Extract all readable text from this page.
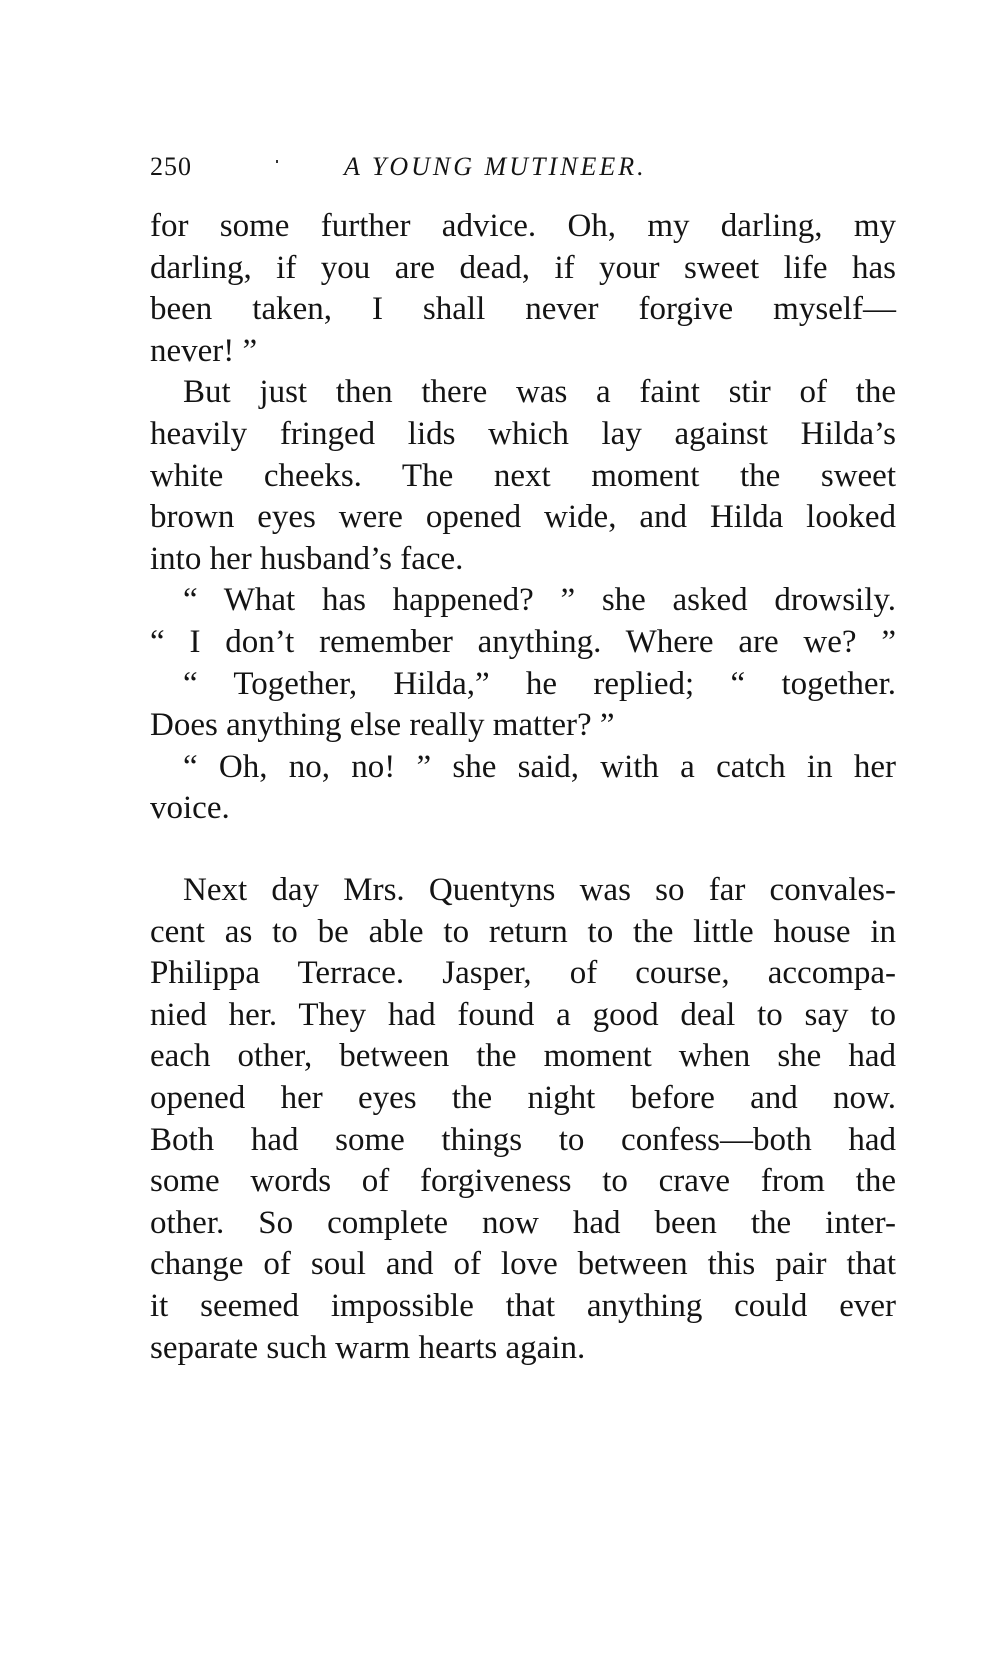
250	A YOUNG MUTINEER.
for some further advice. Oh, my darling, my
darling, if you are dead, if your sweet life has
been taken, I shall never forgive myself—
never! ”
But just then there was a faint stir of the
heavily fringed lids which lay against Hilda’s
white cheeks. The next moment the sweet
brown eyes were opened wide, and Hilda looked
into her husband’s face.
“ What has happened? ” she asked drowsily.
“ I don’t remember anything. Where are we? ”
“ Together, Hilda,” he replied; “ together.
Does anything else really matter? ”
“ Oh, no, no! ” she said, with a catch in her
voice.
Next day Mrs. Quentyns was so far convales-
cent as to be able to return to the little house in
Philippa Terrace. Jasper, of course, accompa-
nied her. They had found a good deal to say to
each other, between the moment when she had
opened her eyes the night before and now.
Both had some things to confess—both had
some words of forgiveness to crave from the
other. So complete now had been the inter-
change of soul and of love between this pair that
it seemed impossible that anything could ever
separate such warm hearts again.
